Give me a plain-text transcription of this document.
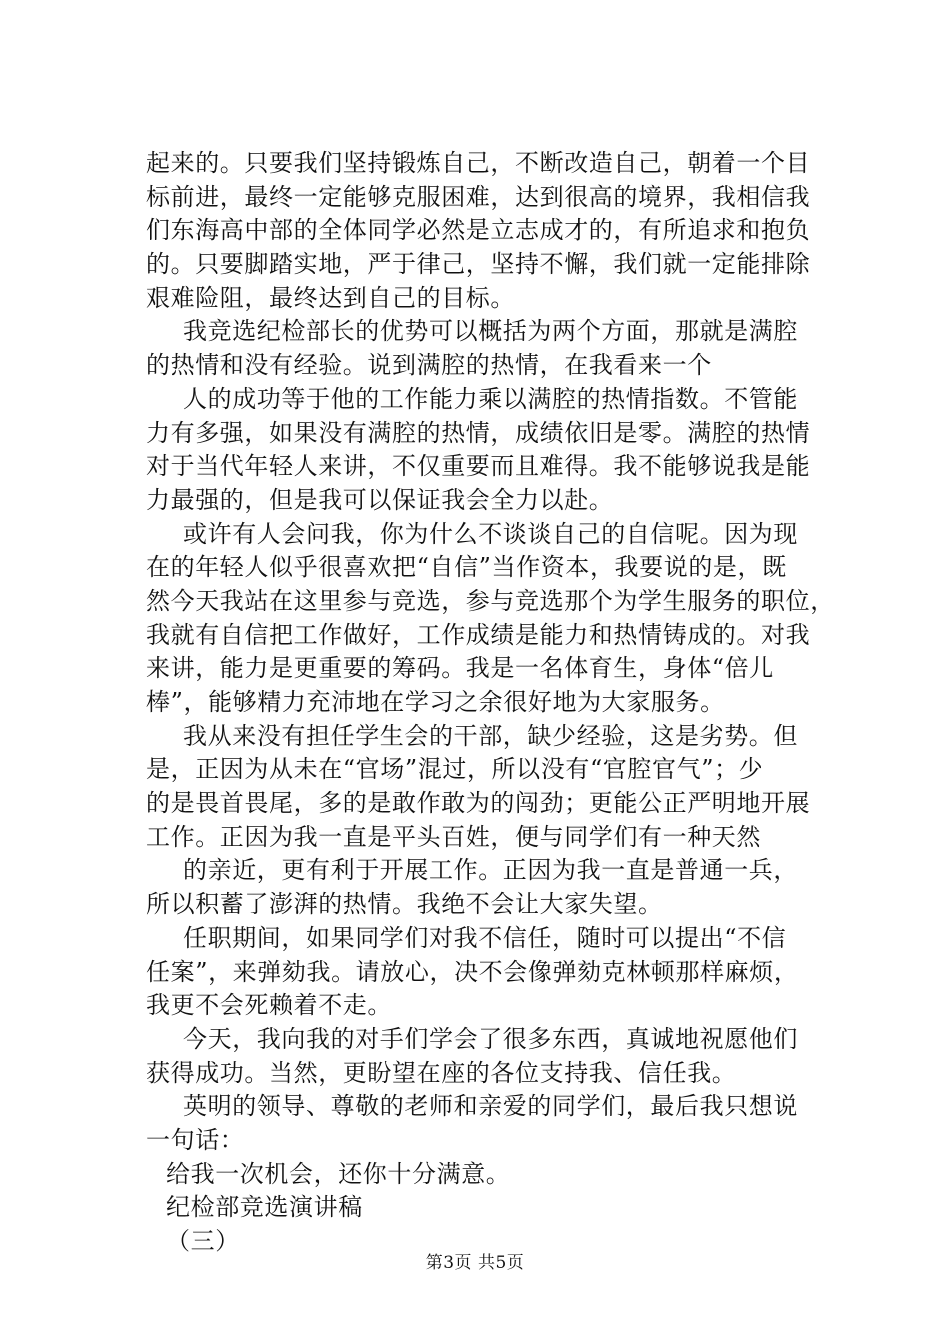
起来的。只要我们坚持锻炼自己，不断改造自己，朝着一个目
标前进，最终一定能够克服困难，达到很高的境界，我相信我
们东海高中部的全体同学必然是立志成才的，有所追求和抱负
的。只要脚踏实地，严于律己，坚持不懈，我们就一定能排除
艰难险阻，最终达到自己的目标。
我竞选纪检部长的优势可以概括为两个方面，那就是满腔
的热情和没有经验。说到满腔的热情，在我看来一个
人的成功等于他的工作能力乘以满腔的热情指数。不管能
力有多强，如果没有满腔的热情，成绩依旧是零。满腔的热情
对于当代年轻人来讲，不仅重要而且难得。我不能够说我是能
力最强的，但是我可以保证我会全力以赴。
或许有人会问我，你为什么不谈谈自己的自信呢。因为现
在的年轻人似乎很喜欢把“自信”当作资本，我要说的是，既
然今天我站在这里参与竞选，参与竞选那个为学生服务的职位，
我就有自信把工作做好，工作成绩是能力和热情铸成的。对我
来讲，能力是更重要的筹码。我是一名体育生，身体“倍儿
棒”，能够精力充沛地在学习之余很好地为大家服务。
我从来没有担任学生会的干部，缺少经验，这是劣势。但
是，正因为从未在“官场”混过，所以没有“官腔官气”；少
的是畏首畏尾，多的是敢作敢为的闯劲；更能公正严明地开展
工作。正因为我一直是平头百姓，便与同学们有一种天然
的亲近，更有利于开展工作。正因为我一直是普通一兵，
所以积蓄了澎湃的热情。我绝不会让大家失望。
任职期间，如果同学们对我不信任，随时可以提出“不信
任案”，来弹劾我。请放心，决不会像弹劾克林顿那样麻烦，
我更不会死赖着不走。
今天，我向我的对手们学会了很多东西，真诚地祝愿他们
获得成功。当然，更盼望在座的各位支持我、信任我。
英明的领导、尊敬的老师和亲爱的同学们，最后我只想说
一句话：
给我一次机会，还你十分满意。
纪检部竞选演讲稿
（三）
第3页 共5页
